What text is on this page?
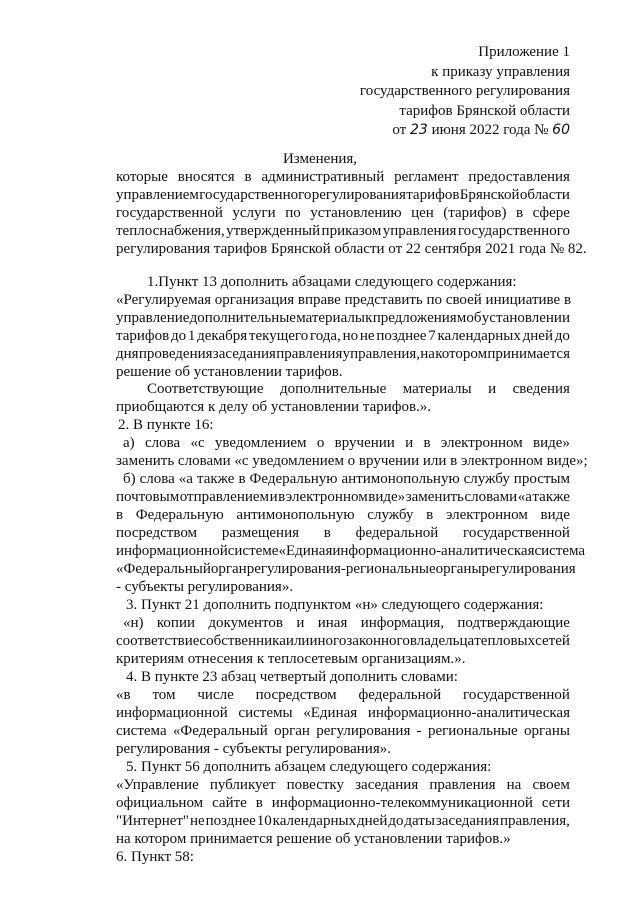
Приложение 1
к приказу управления
государственного регулирования
тарифов Брянской области
от 23 июня 2022 года № 60
Изменения,
которые вносятся в административный регламент предоставления
управлением государственного регулирования тарифов Брянской области
государственной услуги по установлению цен (тарифов) в сфере
теплоснабжения, утвержденный приказом управления государственного
регулирования тарифов Брянской области от 22 сентября 2021 года № 82.
1.Пункт 13 дополнить абзацами следующего содержания:
«Регулируемая организация вправе представить по своей инициативе в
управление дополнительные материалы к предложениям об установлении
тарифов до 1 декабря текущего года, но не позднее 7 календарных дней до
дня проведения заседания правления управления, на котором принимается
решение об установлении тарифов.
Соответствующие дополнительные материалы и сведения
приобщаются к делу об установлении тарифов.».
2. В пункте 16:
а) слова «с уведомлением о вручении и в электронном виде»
заменить словами «с уведомлением о вручении или в электронном виде»;
б) слова «а также в Федеральную антимонопольную службу простым
почтовым отправлением и в электронном виде» заменить словами «а также
в Федеральную антимонопольную службу в электронном виде
посредством размещения в федеральной государственной
информационной системе «Единая информационно-аналитическая система
«Федеральный орган регулирования - региональные органы регулирования
- субъекты регулирования».
3. Пункт 21 дополнить подпунктом «н» следующего содержания:
«н) копии документов и иная информация, подтверждающие
соответствие собственника или иного законного владельца тепловых сетей
критериям отнесения к теплосетевым организациям.».
4. В пункте 23 абзац четвертый дополнить словами:
«в том числе посредством федеральной государственной
информационной системы «Единая информационно-аналитическая
система «Федеральный орган регулирования - региональные органы
регулирования - субъекты регулирования».
5. Пункт 56 дополнить абзацем следующего содержания:
«Управление публикует повестку заседания правления на своем
официальном сайте в информационно-телекоммуникационной сети
"Интернет" не позднее 10 календарных дней до даты заседания правления,
на котором принимается решение об установлении тарифов.»
6. Пункт 58:
